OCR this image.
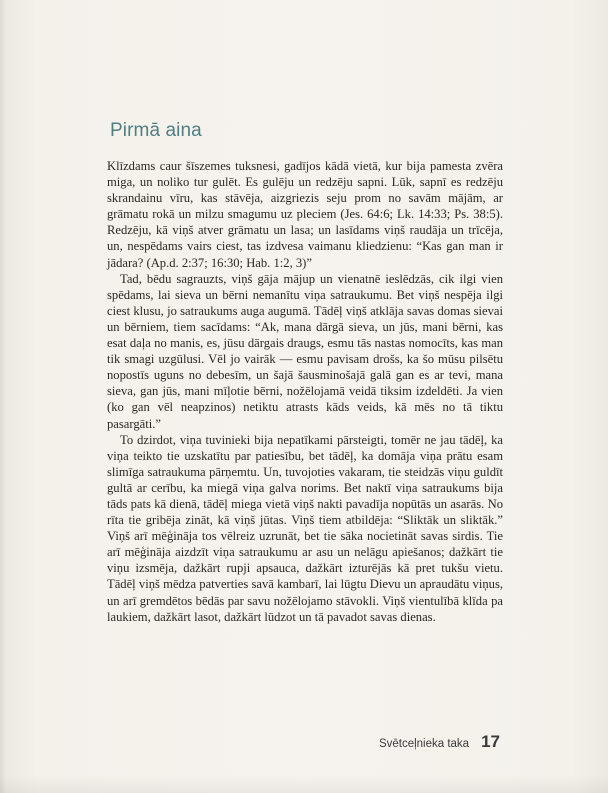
Pirmā aina

Klīzdams caur šīszemes tuksnesi, gadījos kādā vietā, kur bija pamesta zvēra miga, un noliko tur gulēt. Es gulēju un redzēju sapni. Lūk, sapnī es redzēju skrandainu vīru, kas stāvēja, aizgriezis seju prom no savām mājām, ar grāmatu rokā un milzu smagumu uz pleciem (Jes. 64:6; Lk. 14:33; Ps. 38:5). Redzēju, kā viņš atver grāmatu un lasa; un lasīdams viņš raudāja un trīcēja, un, nespēdams vairs ciest, tas izdvesa vaimanu kliedzienu: “Kas gan man ir jādara? (Ap.d. 2:37; 16:30; Hab. 1:2, 3)”

Tad, bēdu sagrauzts, viņš gāja mājup un vienatnē ieslēdzās, cik ilgi vien spēdams, lai sieva un bērni nemanītu viņa satraukumu. Bet viņš nespēja ilgi ciest klusu, jo satraukums auga augumā. Tādēļ viņš atklāja savas domas sievai un bērniem, tiem sacīdams: “Ak, mana dārgā sieva, un jūs, mani bērni, kas esat daļa no manis, es, jūsu dārgais draugs, esmu tās nastas nomocīts, kas man tik smagi uzgūlusi. Vēl jo vairāk — esmu pavisam drošs, ka šo mūsu pilsētu nopostīs uguns no debesīm, un šajā šausminošajā galā gan es ar tevi, mana sieva, gan jūs, mani mīļotie bērni, nožēlojamā veidā tiksim izdeldēti. Ja vien (ko gan vēl neapzinos) netiktu atrasts kāds veids, kā mēs no tā tiktu pasargāti.”

To dzirdot, viņa tuvinieki bija nepatīkami pārsteigti, tomēr ne jau tādēļ, ka viņa teikto tie uzskatītu par patiesību, bet tādēļ, ka domāja viņa prātu esam slimīga satraukuma pārņemtu. Un, tuvojoties vakaram, tie steidzās viņu guldīt gultā ar cerību, ka miegā viņa galva norims. Bet naktī viņa satraukums bija tāds pats kā dienā, tādēļ miega vietā viņš nakti pavadīja nopūtās un asarās. No rīta tie gribēja zināt, kā viņš jūtas. Viņš tiem atbildēja: “Sliktāk un sliktāk.” Viņš arī mēģināja tos vēlreiz uzrunāt, bet tie sāka nocietināt savas sirdis. Tie arī mēģināja aizdzīt viņa satraukumu ar asu un nelāgu apiešanos; dažkārt tie viņu izsmēja, dažkārt rupji apsauca, dažkārt izturējās kā pret tukšu vietu. Tādēļ viņš mēdza patverties savā kambarī, lai lūgtu Dievu un apraudātu viņus, un arī gremdētos bēdās par savu nožēlojamo stāvokli. Viņš vientulībā klīda pa laukiem, dažkārt lasot, dažkārt lūdzot un tā pavadot savas dienas.

Svētceļnieka taka 17
